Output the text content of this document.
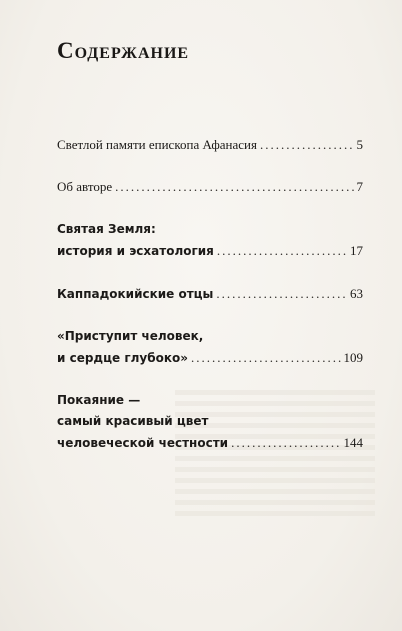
Содержание
Светлой памяти епископа Афанасия .....	5
Об авторе .....	7
Святая Земля:
история и эсхатология .....	17
Каппадокийские отцы .....	63
«Приступит человек,
и сердце глубоко» .....	109
Покаяние —
самый красивый цвет
человеческой честности .....	144
